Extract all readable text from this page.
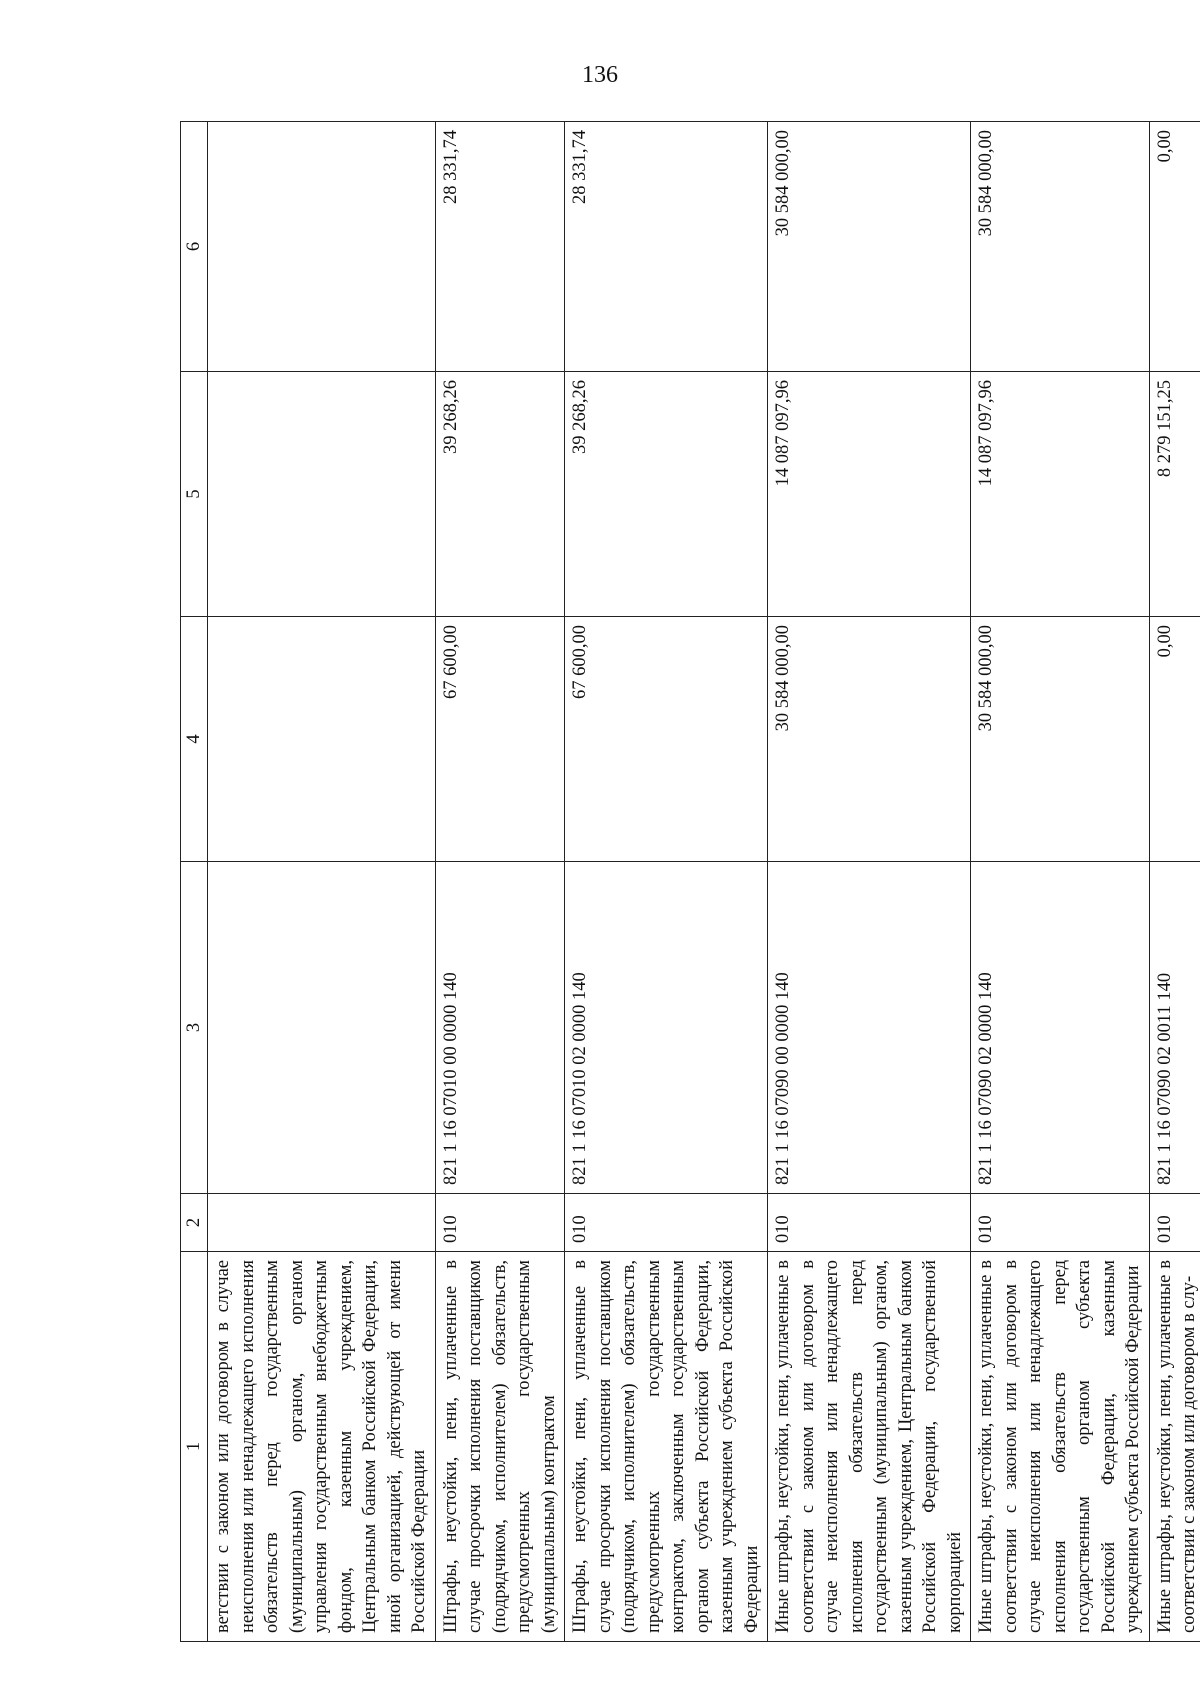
136
1	2	3	4	5	6
ветствии с законом или договором в случае неисполнения или ненадлежащего исполнения обязательств перед государственным (муниципальным) органом, органом управления государственным внебюджетным фондом, казенным учреждением, Центральным банком Российской Федерации, иной организацией, действующей от имени Российской Федерации					
Штрафы, неустойки, пени, уплаченные в случае просрочки исполнения поставщиком (подрядчиком, исполнителем) обязательств, предусмотренных государственным (муниципальным) контрактом	010	821 1 16 07010 00 0000 140	67 600,00	39 268,26	28 331,74
Штрафы, неустойки, пени, уплаченные в случае просрочки исполнения поставщиком (подрядчиком, исполнителем) обязательств, предусмотренных государственным контрактом, заключенным государственным органом субъекта Российской Федерации, казенным учреждением субъекта Российской Федерации	010	821 1 16 07010 02 0000 140	67 600,00	39 268,26	28 331,74
Иные штрафы, неустойки, пени, уплаченные в соответствии с законом или договором в случае неисполнения или ненадлежащего исполнения обязательств перед государственным (муниципальным) органом, казенным учреждением, Центральным банком Российской Федерации, государственной корпорацией	010	821 1 16 07090 00 0000 140	30 584 000,00	14 087 097,96	30 584 000,00
Иные штрафы, неустойки, пени, уплаченные в соответствии с законом или договором в случае неисполнения или ненадлежащего исполнения обязательств перед государственным органом субъекта Российской Федерации, казенным учреждением субъекта Российской Федерации	010	821 1 16 07090 02 0000 140	30 584 000,00	14 087 097,96	30 584 000,00
Иные штрафы, неустойки, пени, уплаченные в соответствии с законом или договором в слу-	010	821 1 16 07090 02 0011 140	0,00	8 279 151,25	0,00
